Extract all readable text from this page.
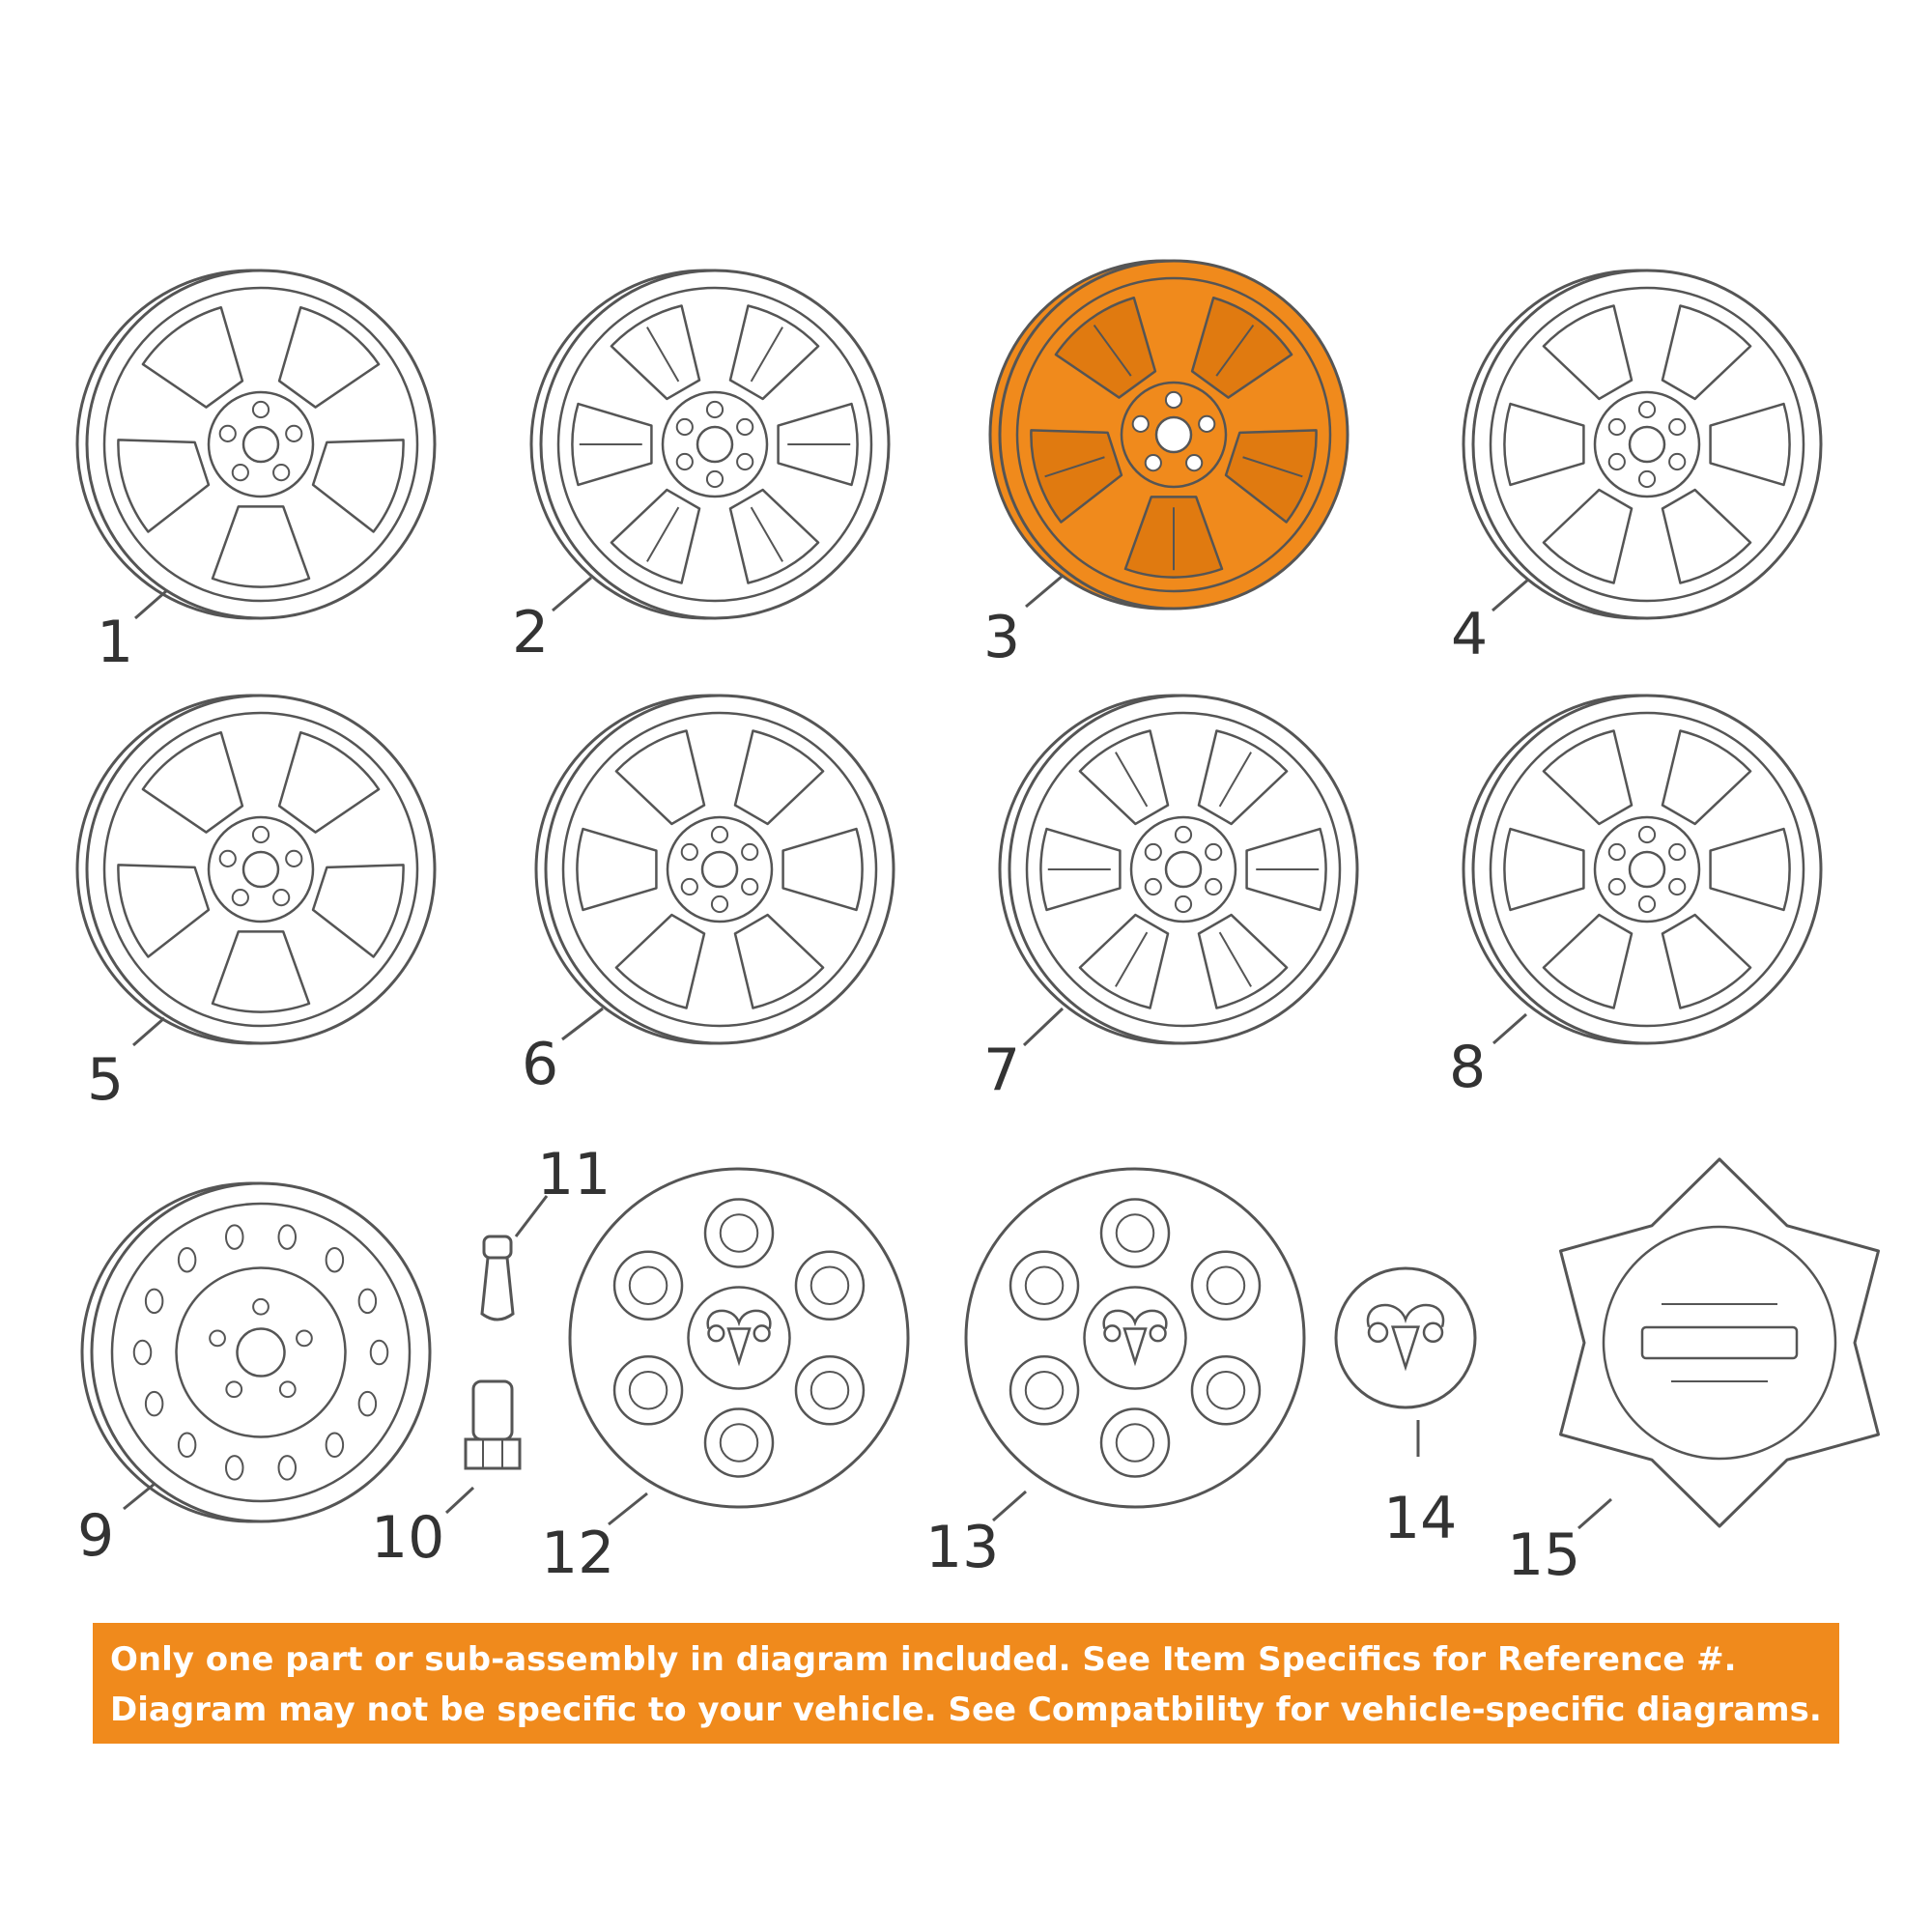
1	2	3	4
5	6	7	8
9	10
11
12	13	14
15
Only one part or sub-assembly in diagram included. See Item Specifics for Reference #.
Diagram may not be specific to your vehicle. See Compatbility for vehicle-specific diagrams.
